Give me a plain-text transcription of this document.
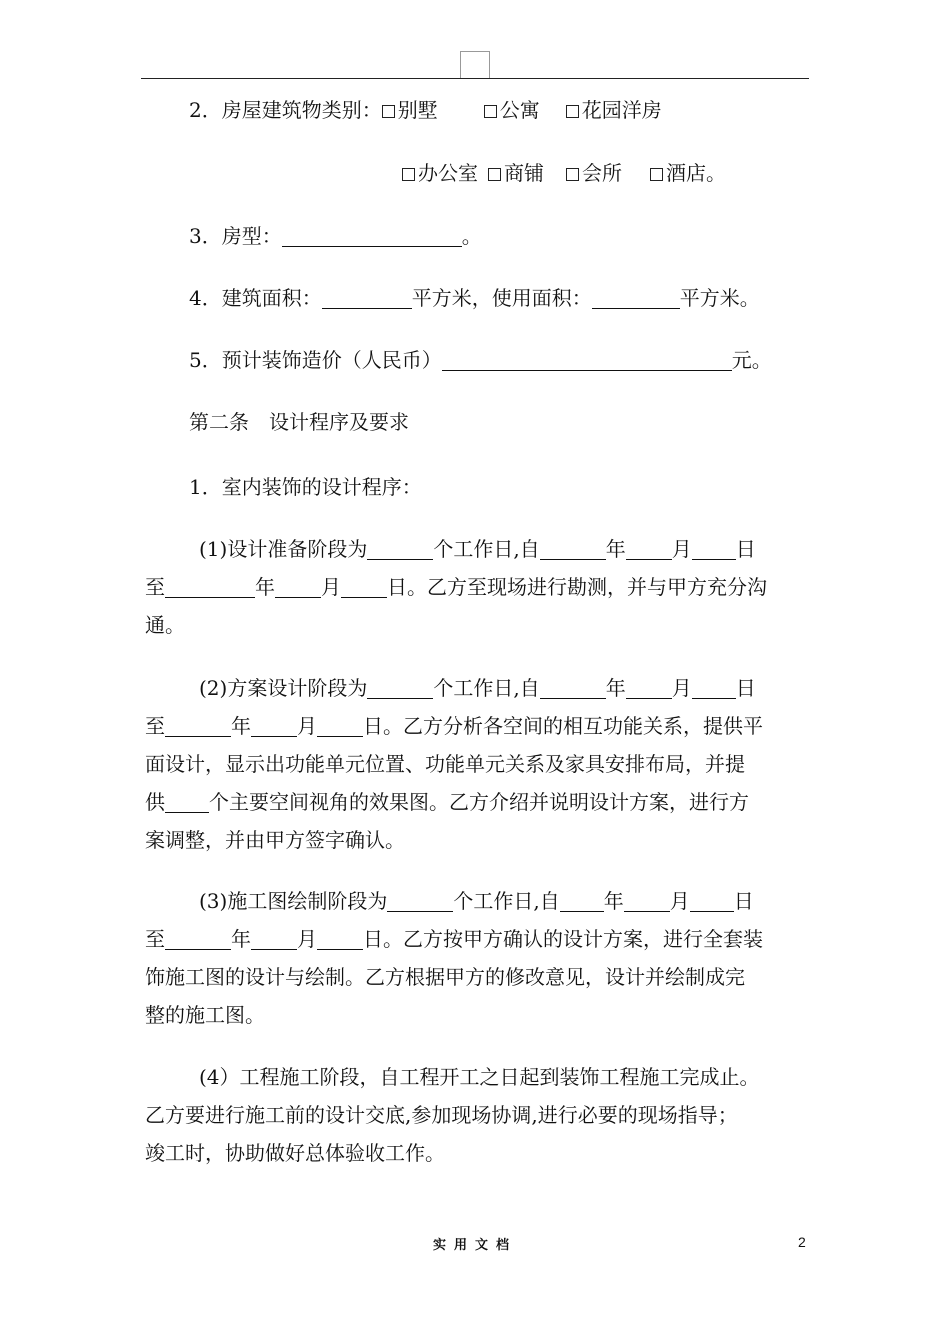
2．房屋建筑物类别： 别墅	公寓 花园洋房
办公室 商铺 会所 酒店。
3．房型：	。
4．建筑面积：	平方米，使用面积：	平方米。
5．预计装饰造价（人民币）	元。
第二条　设计程序及要求
1．室内装饰的设计程序：
(1)设计准备阶段为	个工作日,自	年 月 日
至	年 月 日。乙方至现场进行勘测，并与甲方充分沟
通。
(2)方案设计阶段为	个工作日,自	年 月 日
至	年 月 日。乙方分析各空间的相互功能关系，提供平
面设计，显示出功能单元位置、功能单元关系及家具安排布局，并提
供 个主要空间视角的效果图。乙方介绍并说明设计方案，进行方
案调整，并由甲方签字确认。
(3)施工图绘制阶段为	个工作日,自 年 月 日
至	年 月 日。乙方按甲方确认的设计方案，进行全套装
饰施工图的设计与绘制。乙方根据甲方的修改意见，设计并绘制成完
整的施工图。
(4）工程施工阶段，自工程开工之日起到装饰工程施工完成止。
乙方要进行施工前的设计交底,参加现场协调,进行必要的现场指导；
竣工时，协助做好总体验收工作。
实用文档	2
